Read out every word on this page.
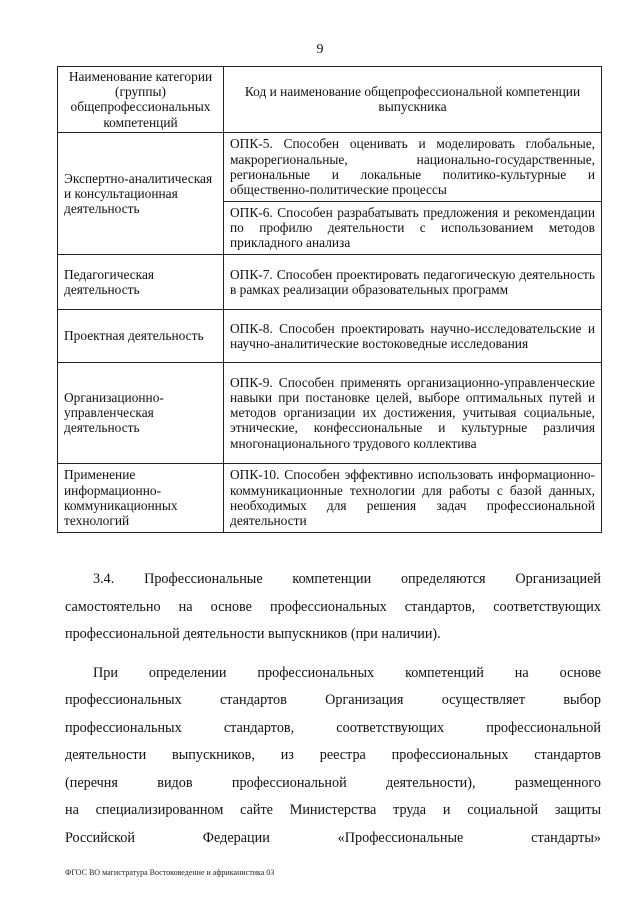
9
Наименование категории (группы) общепрофессиональных компетенций	Код и наименование общепрофессиональной компетенции выпускника
Экспертно-аналитическая и консультационная деятельность	ОПК-5. Способен оценивать и моделировать глобальные, макрорегиональные, национально-государственные, региональные и локальные политико-культурные и общественно-политические процессы
	ОПК-6. Способен разрабатывать предложения и рекомендации по профилю деятельности с использованием методов прикладного анализа
Педагогическая деятельность	ОПК-7. Способен проектировать педагогическую деятельность в рамках реализации образовательных программ
Проектная деятельность	ОПК-8. Способен проектировать научно-исследовательские и научно-аналитические востоковедные исследования
Организационно-управленческая деятельность	ОПК-9. Способен применять организационно-управленческие навыки при постановке целей, выборе оптимальных путей и методов организации их достижения, учитывая социальные, этнические, конфессиональные и культурные различия многонационального трудового коллектива
Применение информационно-коммуникационных технологий	ОПК-10. Способен эффективно использовать информационно-коммуникационные технологии для работы с базой данных, необходимых для решения задач профессиональной деятельности

3.4. Профессиональные компетенции определяются Организацией
самостоятельно на основе профессиональных стандартов, соответствующих
профессиональной деятельности выпускников (при наличии).

При определении профессиональных компетенций на основе
профессиональных стандартов Организация осуществляет выбор
профессиональных стандартов, соответствующих профессиональной
деятельности выпускников, из реестра профессиональных стандартов
(перечня видов профессиональной деятельности), размещенного
на специализированном сайте Министерства труда и социальной защиты
Российской Федерации «Профессиональные стандарты»

ФГОС ВО магистратура Востоковедение и африканистика 03
